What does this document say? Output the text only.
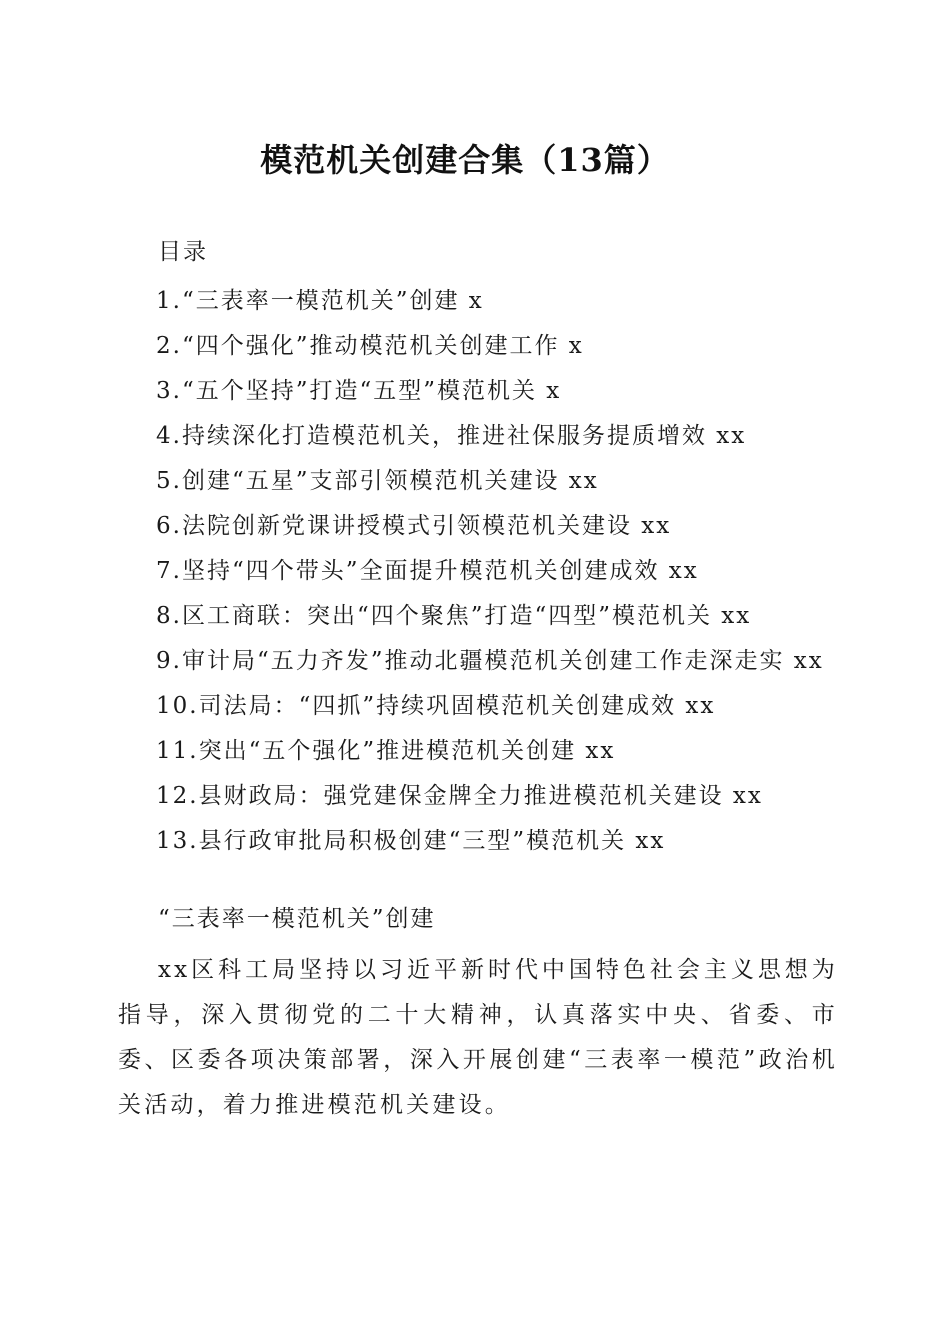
模范机关创建合集（13篇）
目录
1.“三表率一模范机关”创建 x
2.“四个强化”推动模范机关创建工作 x
3.“五个坚持”打造“五型”模范机关 x
4.持续深化打造模范机关，推进社保服务提质增效 xx
5.创建“五星”支部引领模范机关建设 xx
6.法院创新党课讲授模式引领模范机关建设 xx
7.坚持“四个带头”全面提升模范机关创建成效 xx
8.区工商联：突出“四个聚焦”打造“四型”模范机关 xx
9.审计局“五力齐发”推动北疆模范机关创建工作走深走实 xx
10.司法局：“四抓”持续巩固模范机关创建成效 xx
11.突出“五个强化”推进模范机关创建 xx
12.县财政局：强党建保金牌全力推进模范机关建设 xx
13.县行政审批局积极创建“三型”模范机关 xx
“三表率一模范机关”创建

xx区科工局坚持以习近平新时代中国特色社会主义思想为指导，深入贯彻党的二十大精神，认真落实中央、省委、市委、区委各项决策部署，深入开展创建“三表率一模范”政治机关活动，着力推进模范机关建设。
